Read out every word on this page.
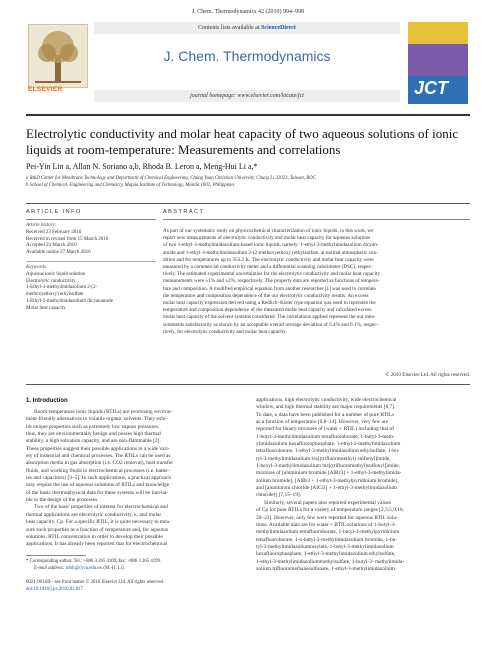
J. Chem. Thermodynamics 42 (2010) 994–998
ELSEVIER
Contents lists available at ScienceDirect
J. Chem. Thermodynamics
journal homepage: www.elsevier.com/locate/jct	JCT
Electrolytic conductivity and molar heat capacity of two aqueous solutions of ionic liquids at room-temperature: Measurements and correlations
Pei-Yin Lin a, Allan N. Soriano a,b, Rhoda B. Leron a, Meng-Hui Li a,*
a R&D Center for Membrane Technology and Department of Chemical Engineering, Chung Yuan Christian University, Chung Li 32023, Taiwan, ROC
b School of Chemical, Engineering and Chemistry, Mapúa Institute of Technology, Manila 1002, Philippines
ARTICLE INFO
Article history:
Received 23 February 2010
Received in revised form 15 March 2010
Accepted 23 March 2010
Available online 27 March 2010
Keywords:
Aqueous ionic liquid solution
Electrolytic conductivity
1-Ethyl-3-methylimidazolium 2-(2-
methoxyethoxy) ethylsulfate
1-Ethyl-3-methylimidazolium dicyanamide
Molar heat capacity
ABSTRACT
As part of our systematic study on physicochemical characterization of ionic liquids, in this work, we
report new measurements of electrolytic conductivity and molar heat capacity for aqueous solutions
of two 1-ethyl-3-methylimidazolium-based ionic liquids, namely: 1-ethyl-3-methylimidazolium dicyan-
amide and 1-ethyl-3-methylimidazolium 2-(2-methoxyethoxy) ethylsulfate, at normal atmospheric con-
dition and for temperatures up to 353.2 K. The electrolytic conductivity and molar heat capacity were
measured by a commercial conductivity meter and a differential scanning calorimeter (DSC), respec-
tively. The estimated experimental uncertainties for the electrolytic conductivity and molar heat capacity
measurements were ±1% and ±2%, respectively. The property data are reported as functions of tempera-
ture and composition. A modified empirical equation from another researcher [1] was used to correlate
the temperature and composition dependence of the our electrolytic conductivity results. An excess
molar heat capacity expression derived using a Redlich–Kister type equation was used to represent the
temperature and composition dependence of the measured molar heat capacity and calculated excess
molar heat capacity of the solvent systems considered. The correlations applied represent the our mea-
surements satisfactorily as shown by an acceptable overall average deviation of 6.4% and 0.1%, respec-
tively, for electrolytic conductivity and molar heat capacity.
© 2010 Elsevier Ltd. All rights reserved.
1. Introduction
Room-temperature ionic liquids (RTILs) are promising environ-
ment-friendly alternatives to volatile organic solvents. They exhi-
bit unique properties such as extremely low vapour pressures,
thus, they are environmentally benign and posses high thermal
stability, a high solvation capacity, and are non-flammable [2].
These properties suggest their possible applications in a wide vari-
ety of industrial and chemical processes. The RTILs can be used as
absorption media in gas absorption (i.e. CO2 removal), heat transfer
fluids, and working fluids in electrochemical processes (i.e. batter-
ies and capacitors) [3–5]. In such applications, a practical approach
may require the use of aqueous solutions of RTILs and knowledge
of the basic thermophysical data for these systems will be inevita-
ble in the design of the processes.
Two of the basic properties of interest for electrochemical and
thermal applications are electrolytic conductivity, κ, and molar
heat capacity, Cp. For a specific RTIL, it is quite necessary to mea-
sure such properties as a function of temperature and, for aqueous
solutions, RTIL concentration in order to develop their possible
applications. It has already been reported that for electrochemical
applications, high electrolytic conductivity, wide electrochemical
window, and high thermal stability are major requirements [6,7].
To date, κ data have been published for a number of pure RTILs
as a function of temperature [6,8–14]. However, very few are
reported for binary mixtures of (water + RTIL) including that of
1-butyl-3-methylimidazolium tetrafluoroborate, 1-butyl-3-meth-
ylimidazolium hexafluorophosphate, 1-ethyl-3-methylimidazolium
tetrafluoroborate, 1-ethyl-3-methylimidazolium ethylsulfate, 1-bu-
tyl-3-methylimidazolium bis[(trifluoromethyl) sulfonyl]imide,
1-hexyl-3-methylimidazolium bis[(trifluoromethyl)sulfonyl]imide,
mixtures of [aluminium bromide [AlBr3] + 1-ethyl-3-methylimida-
zolium bromide], [AlBr3 + 1-ethyl-3-methylpyridinium bromide],
and [aluminium chloride [AlCl3] + 1-ethyl-3-methylimidazolium
chloride)] [7,15–19].
Similarly, several papers also reported experimental values
of Cp for pure RTILs for a variety of temperature ranges [2,3,5,9,10,
20–23]. However, only few were reported for aqueous RTIL solu-
tions. Available data are for water + RTIL solutions of 1-butyl-3-
methylimidazolium tetrafluoroborate, 1-butyl-3-methylpyridinium
tetrafluoroborate, 1-n-butyl-3-methylimidazolium bromide, 1-bu-
tyl-3-methylimidazoliumtosylate, 1-butyl-3-methylimidazolium
hexafluorophosphate, 1-ethyl-3-methylimidazolium ethylsulfate,
1-ethyl-3-methylimidazoliummethylsulfate, 1-butyl-3- methylimida-
zolium trifluoromethanesulfonate, 1-ethyl-3-methylimidazolium
* Corresponding author. Tel.: +886 3 265 4109; fax: +886 3 265 4199.
E-mail address: mhli@cycu.edu.tw (M.-H. Li).
0021-9614/$ - see front matter © 2010 Elsevier Ltd. All rights reserved.
doi:10.1016/j.jct.2010.03.017
